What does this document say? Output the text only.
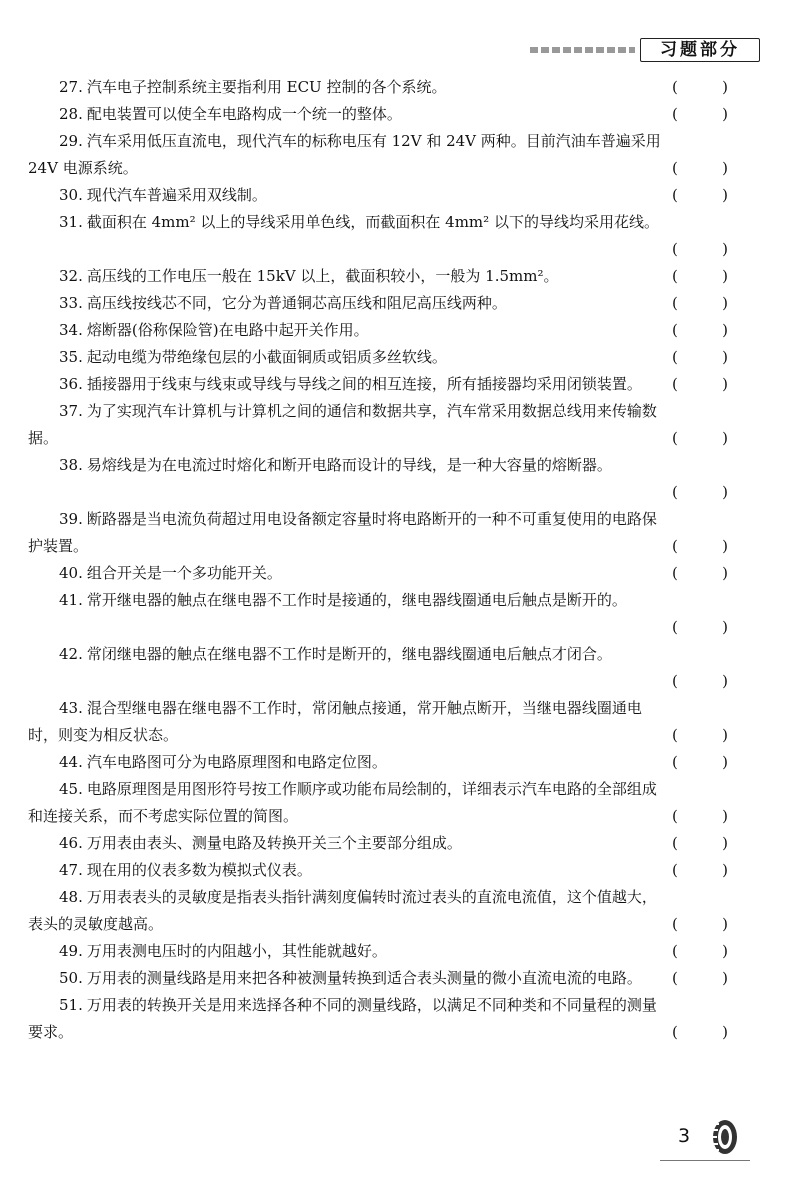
习题部分
27. 汽车电子控制系统主要指利用 ECU 控制的各个系统。	(	)
28. 配电装置可以使全车电路构成一个统一的整体。	(	)
29. 汽车采用低压直流电，现代汽车的标称电压有 12V 和 24V 两种。目前汽油车普遍采用 24V 电源系统。	(	)
30. 现代汽车普遍采用双线制。	(	)
31. 截面积在 4mm² 以上的导线采用单色线，而截面积在 4mm² 以下的导线均采用花线。
(	)
32. 高压线的工作电压一般在 15kV 以上，截面积较小，一般为 1.5mm²。	(	)
33. 高压线按线芯不同，它分为普通铜芯高压线和阻尼高压线两种。	(	)
34. 熔断器(俗称保险管)在电路中起开关作用。	(	)
35. 起动电缆为带绝缘包层的小截面铜质或铝质多丝软线。	(	)
36. 插接器用于线束与线束或导线与导线之间的相互连接，所有插接器均采用闭锁装置。	(	)
37. 为了实现汽车计算机与计算机之间的通信和数据共享，汽车常采用数据总线用来传输数据。	(	)
38. 易熔线是为在电流过时熔化和断开电路而设计的导线，是一种大容量的熔断器。
(	)
39. 断路器是当电流负荷超过用电设备额定容量时将电路断开的一种不可重复使用的电路保护装置。	(	)
40. 组合开关是一个多功能开关。	(	)
41. 常开继电器的触点在继电器不工作时是接通的，继电器线圈通电后触点是断开的。
(	)
42. 常闭继电器的触点在继电器不工作时是断开的，继电器线圈通电后触点才闭合。
(	)
43. 混合型继电器在继电器不工作时，常闭触点接通，常开触点断开，当继电器线圈通电时，则变为相反状态。	(	)
44. 汽车电路图可分为电路原理图和电路定位图。	(	)
45. 电路原理图是用图形符号按工作顺序或功能布局绘制的，详细表示汽车电路的全部组成和连接关系，而不考虑实际位置的简图。	(	)
46. 万用表由表头、测量电路及转换开关三个主要部分组成。	(	)
47. 现在用的仪表多数为模拟式仪表。	(	)
48. 万用表表头的灵敏度是指表头指针满刻度偏转时流过表头的直流电流值，这个值越大，表头的灵敏度越高。	(	)
49. 万用表测电压时的内阻越小，其性能就越好。	(	)
50. 万用表的测量线路是用来把各种被测量转换到适合表头测量的微小直流电流的电路。	(	)
51. 万用表的转换开关是用来选择各种不同的测量线路，以满足不同种类和不同量程的测量要求。	(	)
3
